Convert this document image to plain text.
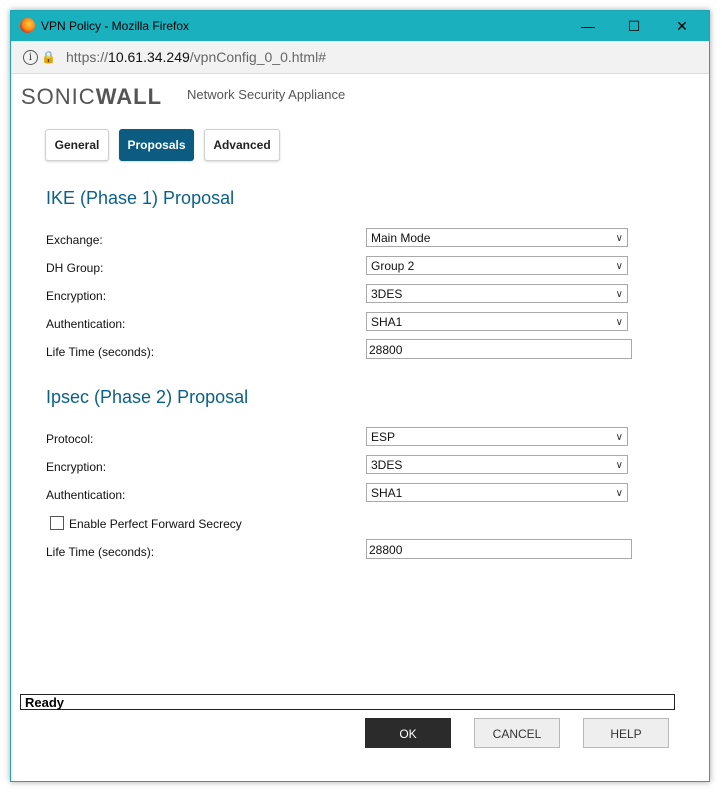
VPN Policy - Mozilla Firefox	—	☐	✕
i 🔒 https://10.61.34.249/vpnConfig_0_0.html#
SONICWALL Network Security Appliance
General	Proposals	Advanced
IKE (Phase 1) Proposal
Exchange:	Main Mode	∨
DH Group:	Group 2	∨
Encryption:	3DES	∨
Authentication:	SHA1	∨
Life Time (seconds):	28800
Ipsec (Phase 2) Proposal
Protocol:	ESP	∨
Encryption:	3DES	∨
Authentication:	SHA1	∨
Enable Perfect Forward Secrecy
Life Time (seconds):	28800
Ready
OK	CANCEL	HELP
